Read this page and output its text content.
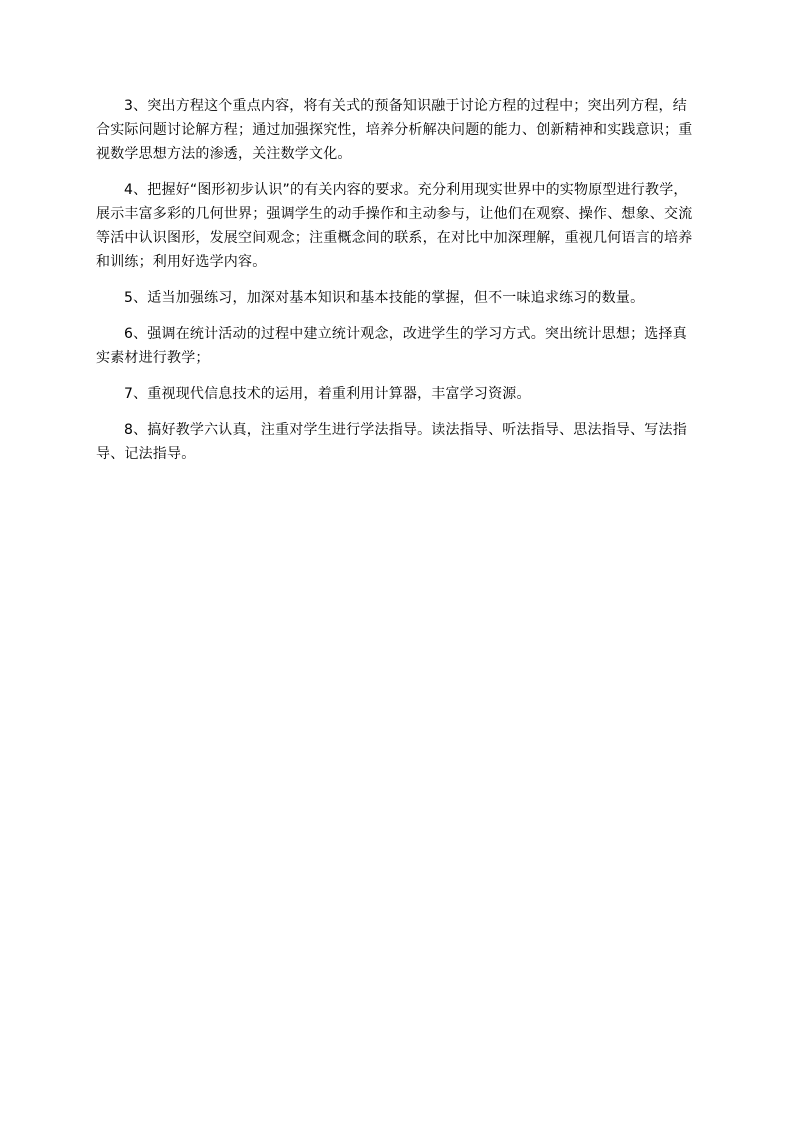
3、突出方程这个重点内容，将有关式的预备知识融于讨论方程的过程中；突出列方程，结合实际问题讨论解方程；通过加强探究性，培养分析解决问题的能力、创新精神和实践意识；重视数学思想方法的渗透，关注数学文化。

4、把握好“图形初步认识”的有关内容的要求。充分利用现实世界中的实物原型进行教学，展示丰富多彩的几何世界；强调学生的动手操作和主动参与，让他们在观察、操作、想象、交流等活中认识图形，发展空间观念；注重概念间的联系，在对比中加深理解，重视几何语言的培养和训练；利用好选学内容。

5、适当加强练习，加深对基本知识和基本技能的掌握，但不一味追求练习的数量。

6、强调在统计活动的过程中建立统计观念，改进学生的学习方式。突出统计思想；选择真实素材进行教学；

7、重视现代信息技术的运用，着重利用计算器，丰富学习资源。

8、搞好教学六认真，注重对学生进行学法指导。读法指导、听法指导、思法指导、写法指导、记法指导。
